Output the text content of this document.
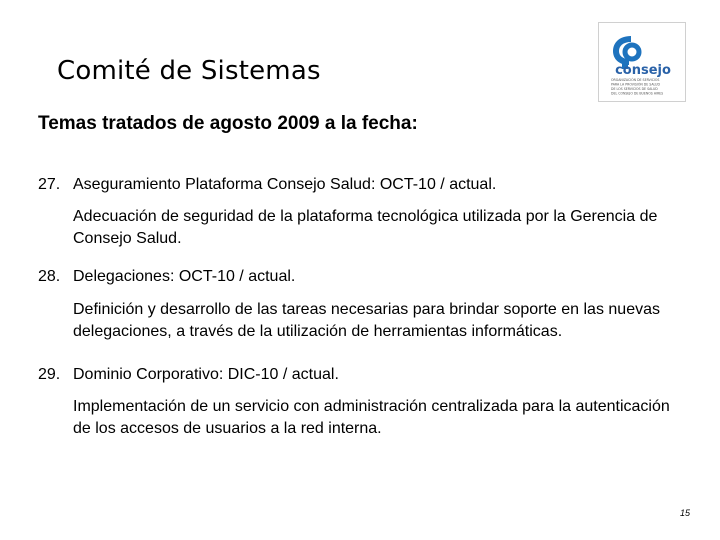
Comité de Sistemas	consejo
ORGANIZACIÓN DE SERVICIOS
PARA LA PROVISIÓN DE SALUD
DE LOS SERVICIOS DE SALUD
DEL CONSEJO DE BUENOS AIRES
Temas tratados de agosto 2009 a la fecha:
27. Aseguramiento Plataforma Consejo Salud: OCT-10 / actual.
Adecuación de seguridad de la plataforma tecnológica utilizada por la Gerencia de Consejo Salud.
28. Delegaciones: OCT-10 / actual.
Definición y desarrollo de las tareas necesarias para brindar soporte en las nuevas delegaciones, a través de la utilización de herramientas informáticas.
29. Dominio Corporativo: DIC-10 / actual.
Implementación de un servicio con administración centralizada para la autenticación de los accesos de usuarios a la red interna.
15
